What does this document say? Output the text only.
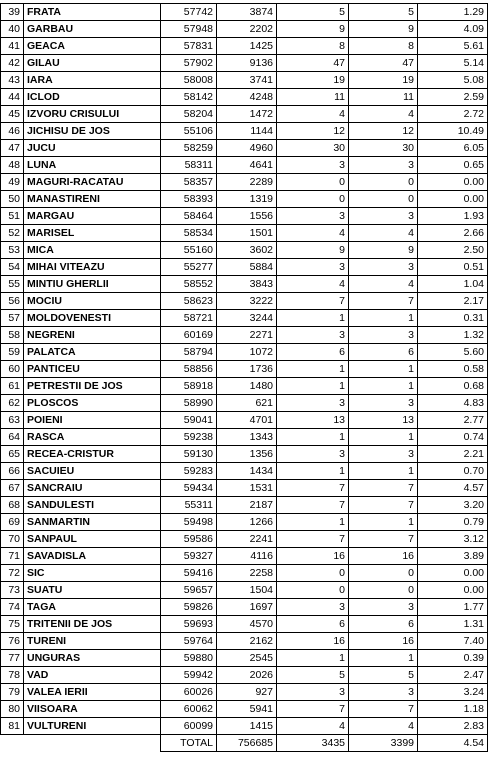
39	FRATA	57742	3874	5	5	1.29
40	GARBAU	57948	2202	9	9	4.09
41	GEACA	57831	1425	8	8	5.61
42	GILAU	57902	9136	47	47	5.14
43	IARA	58008	3741	19	19	5.08
44	ICLOD	58142	4248	11	11	2.59
45	IZVORU CRISULUI	58204	1472	4	4	2.72
46	JICHISU DE JOS	55106	1144	12	12	10.49
47	JUCU	58259	4960	30	30	6.05
48	LUNA	58311	4641	3	3	0.65
49	MAGURI-RACATAU	58357	2289	0	0	0.00
50	MANASTIRENI	58393	1319	0	0	0.00
51	MARGAU	58464	1556	3	3	1.93
52	MARISEL	58534	1501	4	4	2.66
53	MICA	55160	3602	9	9	2.50
54	MIHAI VITEAZU	55277	5884	3	3	0.51
55	MINTIU GHERLII	58552	3843	4	4	1.04
56	MOCIU	58623	3222	7	7	2.17
57	MOLDOVENESTI	58721	3244	1	1	0.31
58	NEGRENI	60169	2271	3	3	1.32
59	PALATCA	58794	1072	6	6	5.60
60	PANTICEU	58856	1736	1	1	0.58
61	PETRESTII DE JOS	58918	1480	1	1	0.68
62	PLOSCOS	58990	621	3	3	4.83
63	POIENI	59041	4701	13	13	2.77
64	RASCA	59238	1343	1	1	0.74
65	RECEA-CRISTUR	59130	1356	3	3	2.21
66	SACUIEU	59283	1434	1	1	0.70
67	SANCRAIU	59434	1531	7	7	4.57
68	SANDULESTI	55311	2187	7	7	3.20
69	SANMARTIN	59498	1266	1	1	0.79
70	SANPAUL	59586	2241	7	7	3.12
71	SAVADISLA	59327	4116	16	16	3.89
72	SIC	59416	2258	0	0	0.00
73	SUATU	59657	1504	0	0	0.00
74	TAGA	59826	1697	3	3	1.77
75	TRITENII DE JOS	59693	4570	6	6	1.31
76	TURENI	59764	2162	16	16	7.40
77	UNGURAS	59880	2545	1	1	0.39
78	VAD	59942	2026	5	5	2.47
79	VALEA IERII	60026	927	3	3	3.24
80	VIISOARA	60062	5941	7	7	1.18
81	VULTURENI	60099	1415	4	4	2.83
		TOTAL	756685	3435	3399	4.54
